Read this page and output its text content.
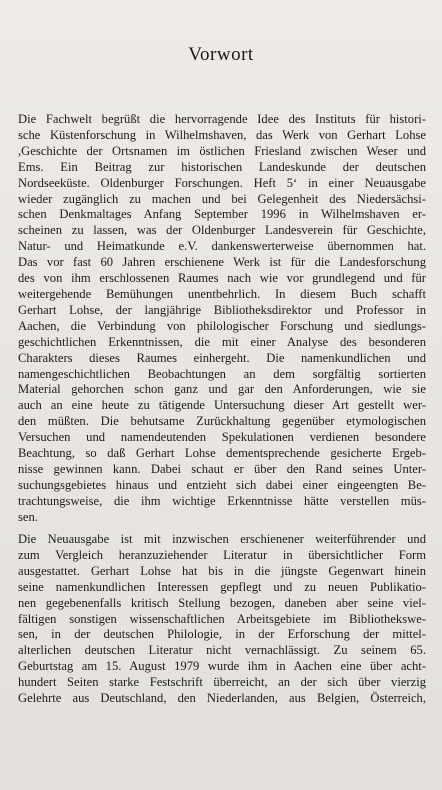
Vorwort
Die Fachwelt begrüßt die hervorragende Idee des Instituts für histori-
sche Küstenforschung in Wilhelmshaven, das Werk von Gerhart Lohse
,Geschichte der Ortsnamen im östlichen Friesland zwischen Weser und
Ems. Ein Beitrag zur historischen Landeskunde der deutschen
Nordseeküste. Oldenburger Forschungen. Heft 5‘ in einer Neuausgabe
wieder zugänglich zu machen und bei Gelegenheit des Niedersächsi-
schen Denkmaltages Anfang September 1996 in Wilhelmshaven er-
scheinen zu lassen, was der Oldenburger Landesverein für Geschichte,
Natur- und Heimatkunde e.V. dankenswerterweise übernommen hat.
Das vor fast 60 Jahren erschienene Werk ist für die Landesforschung
des von ihm erschlossenen Raumes nach wie vor grundlegend und für
weitergehende Bemühungen unentbehrlich. In diesem Buch schafft
Gerhart Lohse, der langjährige Bibliotheksdirektor und Professor in
Aachen, die Verbindung von philologischer Forschung und siedlungs-
geschichtlichen Erkenntnissen, die mit einer Analyse des besonderen
Charakters dieses Raumes einhergeht. Die namenkundlichen und
namengeschichtlichen Beobachtungen an dem sorgfältig sortierten
Material gehorchen schon ganz und gar den Anforderungen, wie sie
auch an eine heute zu tätigende Untersuchung dieser Art gestellt wer-
den müßten. Die behutsame Zurückhaltung gegenüber etymologischen
Versuchen und namendeutenden Spekulationen verdienen besondere
Beachtung, so daß Gerhart Lohse dementsprechende gesicherte Ergeb-
nisse gewinnen kann. Dabei schaut er über den Rand seines Unter-
suchungsgebietes hinaus und entzieht sich dabei einer eingeengten Be-
trachtungsweise, die ihm wichtige Erkenntnisse hätte verstellen müs-
sen.
Die Neuausgabe ist mit inzwischen erschienener weiterführender und
zum Vergleich heranzuziehender Literatur in übersichtlicher Form
ausgestattet. Gerhart Lohse hat bis in die jüngste Gegenwart hinein
seine namenkundlichen Interessen gepflegt und zu neuen Publikatio-
nen gegebenenfalls kritisch Stellung bezogen, daneben aber seine viel-
fältigen sonstigen wissenschaftlichen Arbeitsgebiete im Bibliothekswe-
sen, in der deutschen Philologie, in der Erforschung der mittel-
alterlichen deutschen Literatur nicht vernachlässigt. Zu seinem 65.
Geburtstag am 15. August 1979 wurde ihm in Aachen eine über acht-
hundert Seiten starke Festschrift überreicht, an der sich über vierzig
Gelehrte aus Deutschland, den Niederlanden, aus Belgien, Österreich,
